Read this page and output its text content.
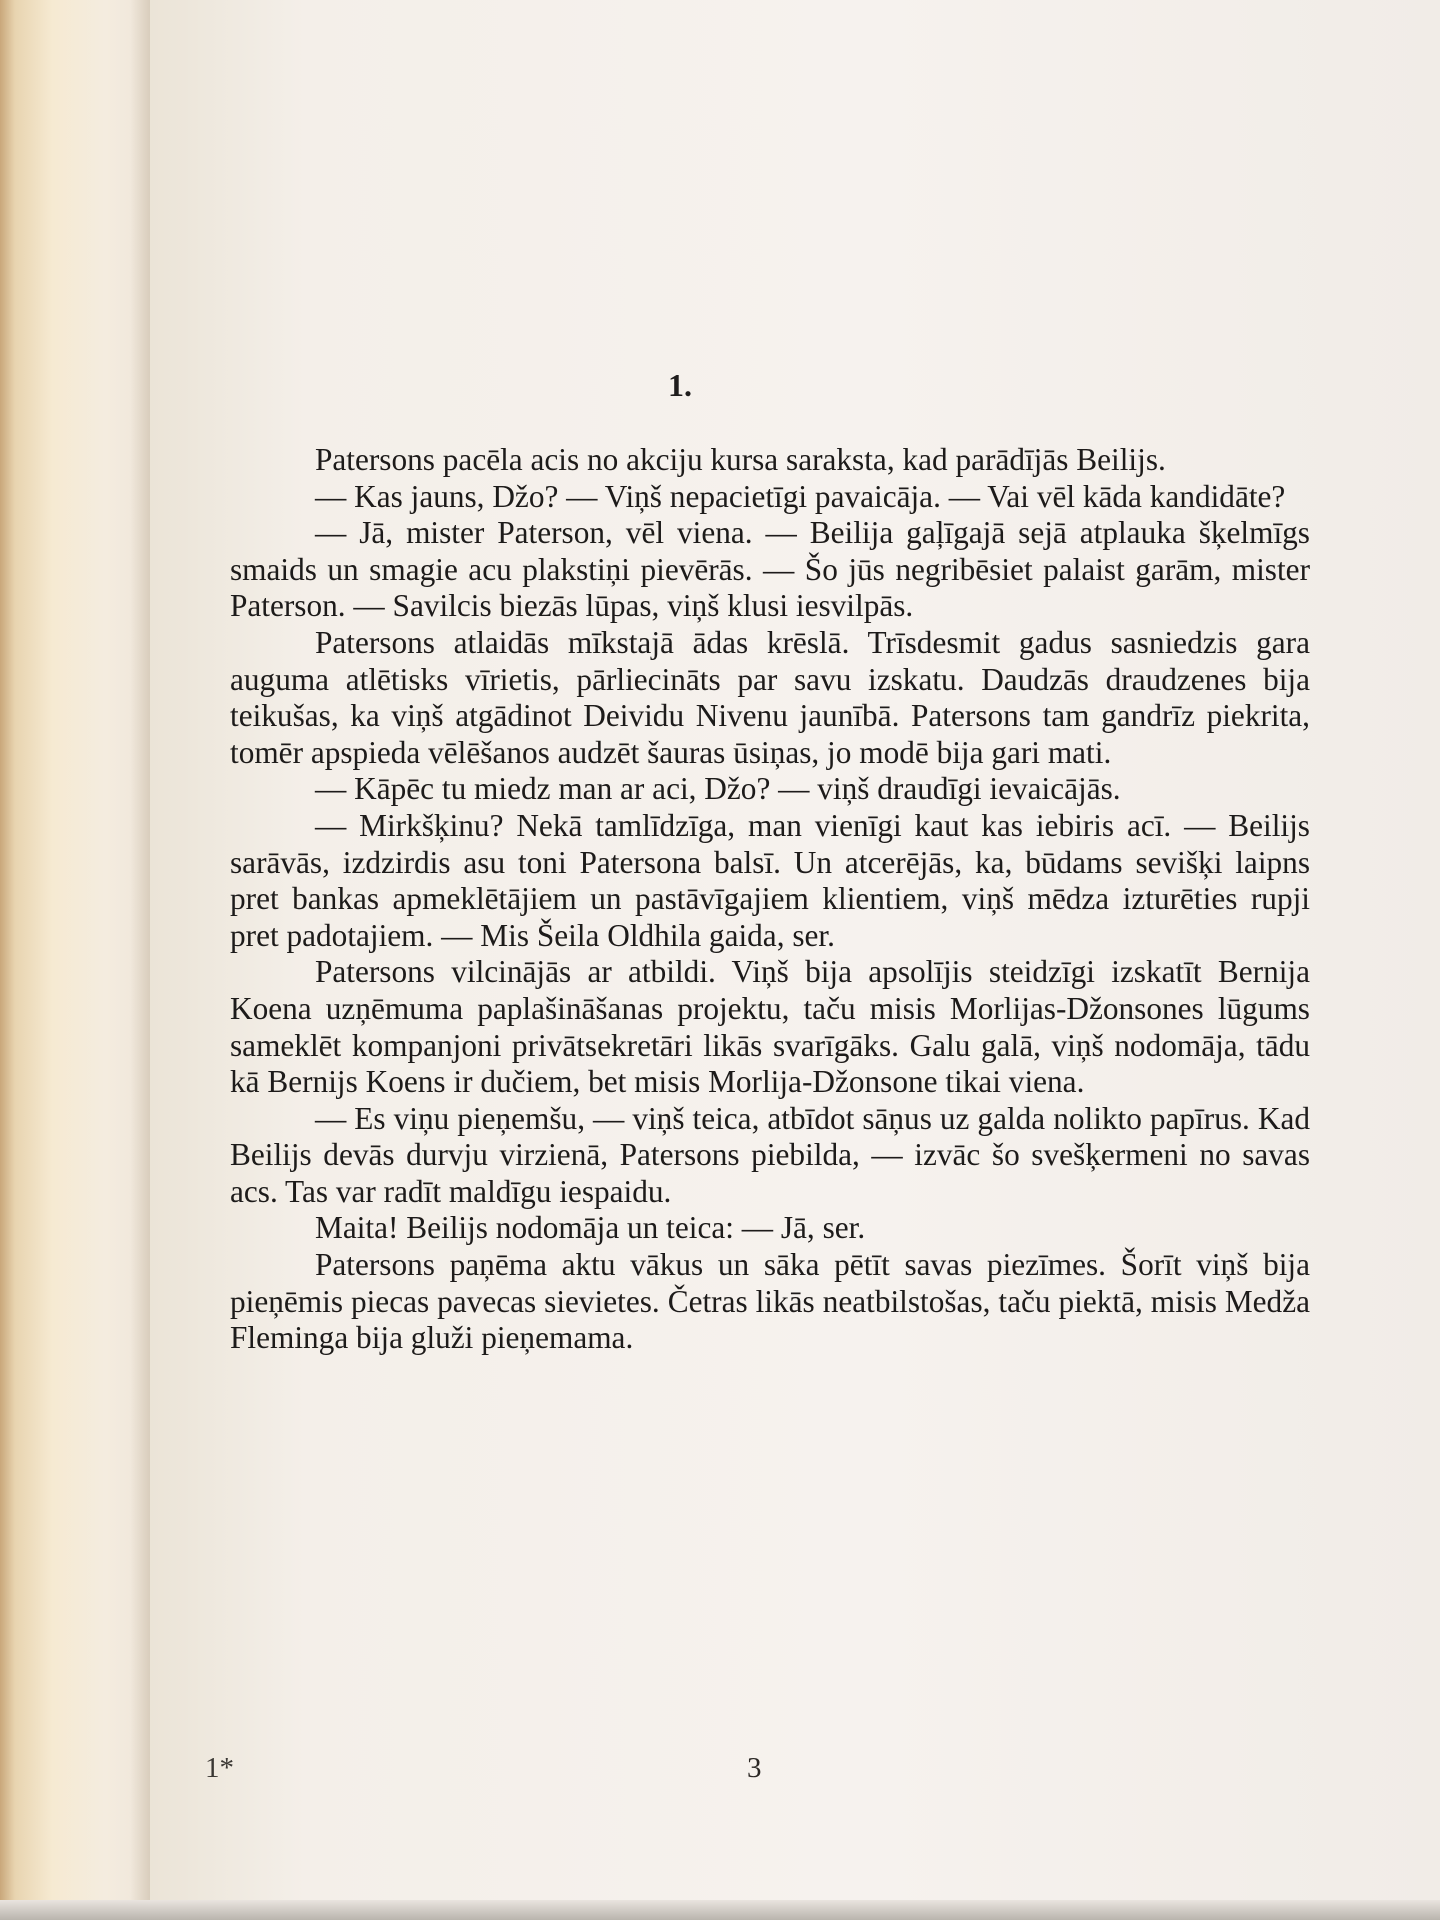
1.

Patersons pacēla acis no akciju kursa saraksta, kad parādījās Beilijs.

— Kas jauns, Džo? — Viņš nepacietīgi pavaicāja. — Vai vēl kāda kandidāte?

— Jā, mister Paterson, vēl viena. — Beilija gaļīgajā sejā atplauka šķelmīgs smaids un smagie acu plakstiņi pievērās. — Šo jūs negribēsiet palaist garām, mister Paterson. — Savilcis biezās lūpas, viņš klusi iesvilpās.

Patersons atlaidās mīkstajā ādas krēslā. Trīsdesmit gadus sasniedzis gara auguma atlētisks vīrietis, pārliecināts par savu izskatu. Daudzās draudzenes bija teikušas, ka viņš atgādinot Deividu Nivenu jaunībā. Patersons tam gandrīz piekrita, tomēr apspieda vēlēšanos audzēt šauras ūsiņas, jo modē bija gari mati.

— Kāpēc tu miedz man ar aci, Džo? — viņš draudīgi ievaicājās.

— Mirkšķinu? Nekā tamlīdzīga, man vienīgi kaut kas iebiris acī. — Beilijs sarāvās, izdzirdis asu toni Patersona balsī. Un atcerējās, ka, būdams sevišķi laipns pret bankas apmeklētājiem un pastāvīgajiem klientiem, viņš mēdza izturēties rupji pret padotajiem. — Mis Šeila Oldhila gaida, ser.

Patersons vilcinājās ar atbildi. Viņš bija apsolījis steidzīgi izskatīt Bernija Koena uzņēmuma paplašināšanas projektu, taču misis Morlijas-Džonsones lūgums sameklēt kompanjoni privātsekretāri likās svarīgāks. Galu galā, viņš nodomāja, tādu kā Bernijs Koens ir dučiem, bet misis Morlija-Džonsone tikai viena.

— Es viņu pieņemšu, — viņš teica, atbīdot sāņus uz galda nolikto papīrus. Kad Beilijs devās durvju virzienā, Patersons piebilda, — izvāc šo svešķermeni no savas acs. Tas var radīt maldīgu iespaidu.

Maita! Beilijs nodomāja un teica: — Jā, ser.

Patersons paņēma aktu vākus un sāka pētīt savas piezīmes. Šorīt viņš bija pieņēmis piecas pavecas sievietes. Četras likās neatbilstošas, taču piektā, misis Medža Fleminga bija gluži pieņemama.

1*	3
